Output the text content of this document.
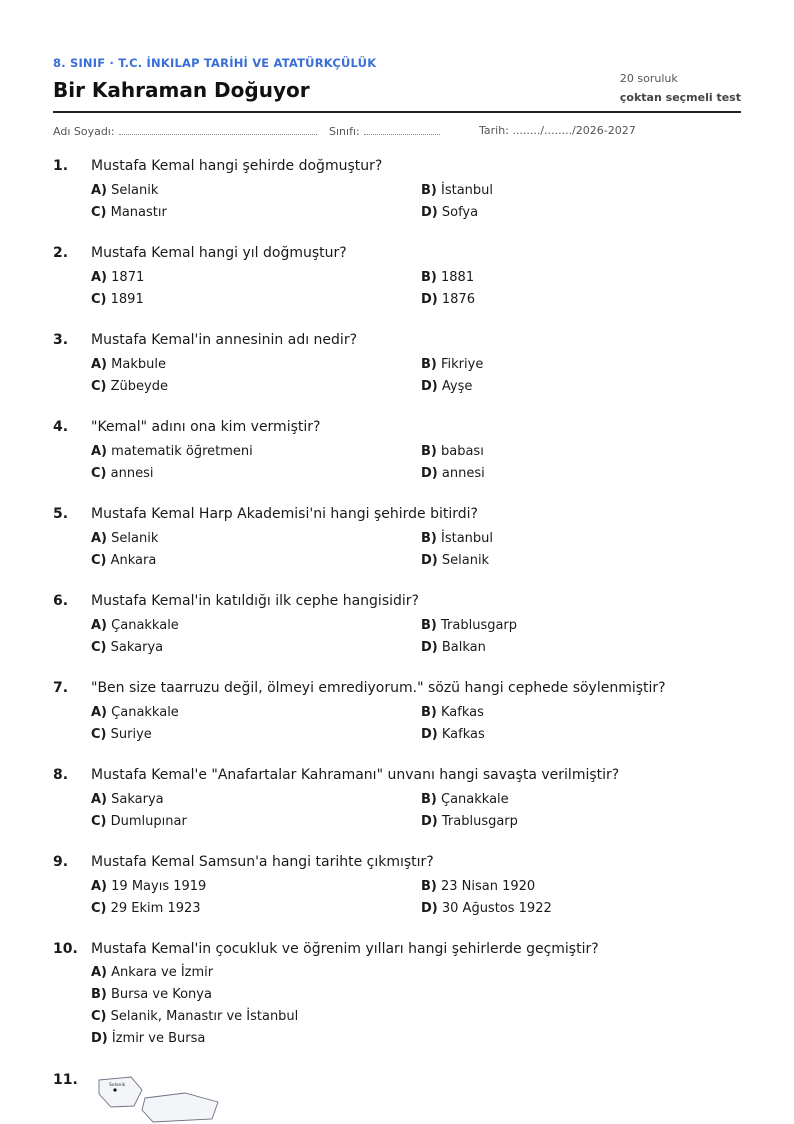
8. SINIF · T.C. İNKILAP TARİHİ VE ATATÜRKÇÜLÜK
Bir Kahraman Doğuyor	20 soruluk
çoktan seçmeli test
Adı Soyadı:	Sınıfı:	Tarih: ......../......../2026-2027
1. Mustafa Kemal hangi şehirde doğmuştur?
A) Selanik	B) İstanbul
C) Manastır	D) Sofya
2. Mustafa Kemal hangi yıl doğmuştur?
A) 1871	B) 1881
C) 1891	D) 1876
3. Mustafa Kemal'in annesinin adı nedir?
A) Makbule	B) Fikriye
C) Zübeyde	D) Ayşe
4. "Kemal" adını ona kim vermiştir?
A) matematik öğretmeni	B) babası
C) annesi	D) annesi
5. Mustafa Kemal Harp Akademisi'ni hangi şehirde bitirdi?
A) Selanik	B) İstanbul
C) Ankara	D) Selanik
6. Mustafa Kemal'in katıldığı ilk cephe hangisidir?
A) Çanakkale	B) Trablusgarp
C) Sakarya	D) Balkan
7. "Ben size taarruzu değil, ölmeyi emrediyorum." sözü hangi cephede söylenmiştir?
A) Çanakkale	B) Kafkas
C) Suriye	D) Kafkas
8. Mustafa Kemal'e "Anafartalar Kahramanı" unvanı hangi savaşta verilmiştir?
A) Sakarya	B) Çanakkale
C) Dumlupınar	D) Trablusgarp
9. Mustafa Kemal Samsun'a hangi tarihte çıkmıştır?
A) 19 Mayıs 1919	B) 23 Nisan 1920
C) 29 Ekim 1923	D) 30 Ağustos 1922
10. Mustafa Kemal'in çocukluk ve öğrenim yılları hangi şehirlerde geçmiştir?
A) Ankara ve İzmir
B) Bursa ve Konya
C) Selanik, Manastır ve İstanbul
D) İzmir ve Bursa
11.	Selanik
